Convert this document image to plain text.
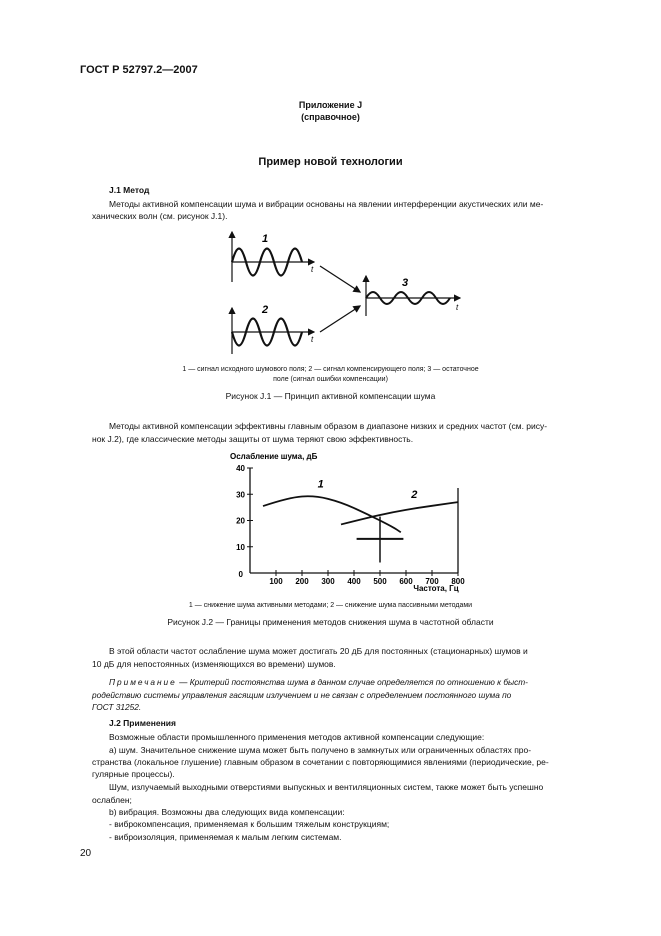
ГОСТ Р 52797.2—2007
Приложение J
(справочное)
Пример новой технологии
J.1 Метод
Методы активной компенсации шума и вибрации основаны на явлении интерференции акустических или ме-
ханических волн (см. рисунок J.1).
1
t
2
t
3
t
1 — сигнал исходного шумового поля; 2 — сигнал компенсирующего поля; 3 — остаточное
поле (сигнал ошибки компенсации)
Рисунок J.1 — Принцип активной компенсации шума
Методы активной компенсации эффективны главным образом в диапазоне низких и средних частот (см. рису-
нок J.2), где классические методы защиты от шума теряют свою эффективность.
Ослабление шума, дБ
Частота, Гц
0
10
20
30
40
100 200 300 400 500 600 700 800
1
2
1 — снижение шума активными методами; 2 — снижение шума пассивными методами
Рисунок J.2 — Границы применения методов снижения шума в частотной области
В этой области частот ослабление шума может достигать 20 дБ для постоянных (стационарных) шумов и
10 дБ для непостоянных (изменяющихся во времени) шумов.
Примечание — Критерий постоянства шума в данном случае определяется по отношению к быст-
родействию системы управления гасящим излучением и не связан с определением постоянного шума по
ГОСТ 31252.
J.2 Применения
Возможные области промышленного применения методов активной компенсации следующие:
а) шум. Значительное снижение шума может быть получено в замкнутых или ограниченных областях про-
странства (локальное глушение) главным образом в сочетании с повторяющимися явлениями (периодические, ре-
гулярные процессы).
Шум, излучаемый выходными отверстиями выпускных и вентиляционных систем, также может быть успешно
ослаблен;
b) вибрация. Возможны два следующих вида компенсации:
- виброкомпенсация, применяемая к большим тяжелым конструкциям;
- виброизоляция, применяемая к малым легким системам.
20
